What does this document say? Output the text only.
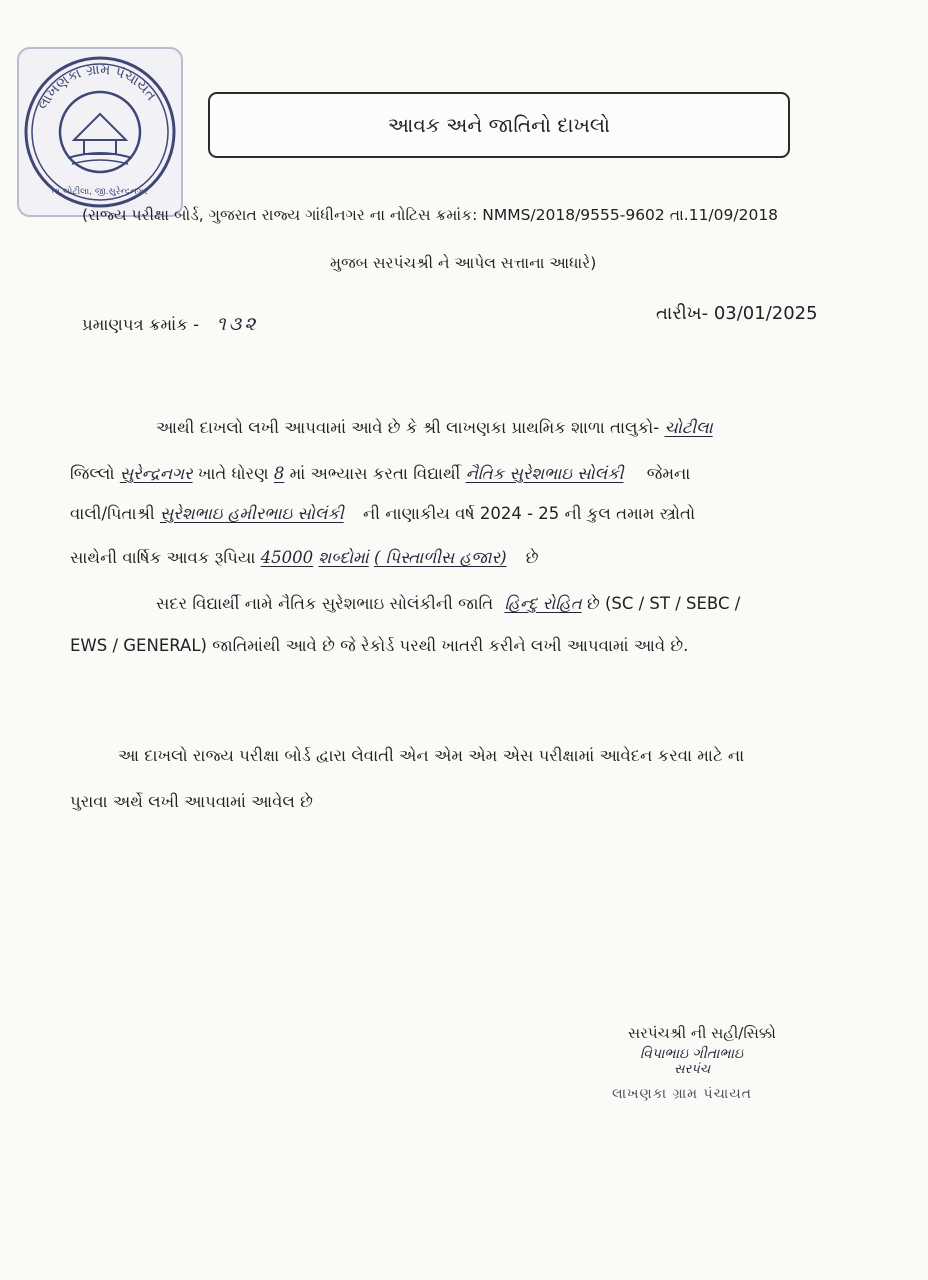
લાખણકા ગ્રામ પંચાયત
તા.ચોટીલા, જી.સુરેન્દ્રનગર
આવક અને જાતિનો દાખલો
(રાજ્ય પરીક્ષા બોર્ડ, ગુજરાત રાજ્ય ગાંધીનગર ના નોટિસ ક્રમાંક: NMMS/2018/9555-9602 તા.11/09/2018
મુજબ સરપંચશ્રી ને આપેલ સત્તાના આધારે)
પ્રમાણપત્ર ક્રમાંક - ૧૩૨	તારીખ- 03/01/2025
આથી દાખલો લખી આપવામાં આવે છે કે શ્રી લાખણકા પ્રાથમિક શાળા તાલુકો- ચોટીલા
જિલ્લો સુરેન્દ્રનગર ખાતે ધોરણ 8 માં અભ્યાસ કરતા વિદ્યાર્થી નૈતિક સુરેશભાઇ સોલંકી જેમના
વાલી/પિતાશ્રી સુરેશભાઇ હમીરભાઇ સોલંકી ની નાણાકીય વર્ષ 2024 - 25 ની કુલ તમામ સ્ત્રોતો
સાથેની વાર્ષિક આવક રૂપિયા 45000 શબ્દોમાં ( પિસ્તાળીસ હજાર) છે
સદર વિદ્યાર્થી નામે નૈતિક સુરેશભાઇ સોલંકીની જાતિ હિન્દુ રોહિત છે (SC / ST / SEBC /
EWS / GENERAL) જાતિમાંથી આવે છે જે રેકોર્ડ પરથી ખાતરી કરીને લખી આપવામાં આવે છે.
આ દાખલો રાજ્ય પરીક્ષા બોર્ડ દ્વારા લેવાતી એન એમ એમ એસ પરીક્ષામાં આવેદન કરવા માટે ના
પુરાવા અર્થે લખી આપવામાં આવેલ છે
સરપંચશ્રી ની સહી/સિક્કો
વિપાભાઇ ગીતાભાઇ
સરપંચ
લાખણકા ગ્રામ પંચાયત
